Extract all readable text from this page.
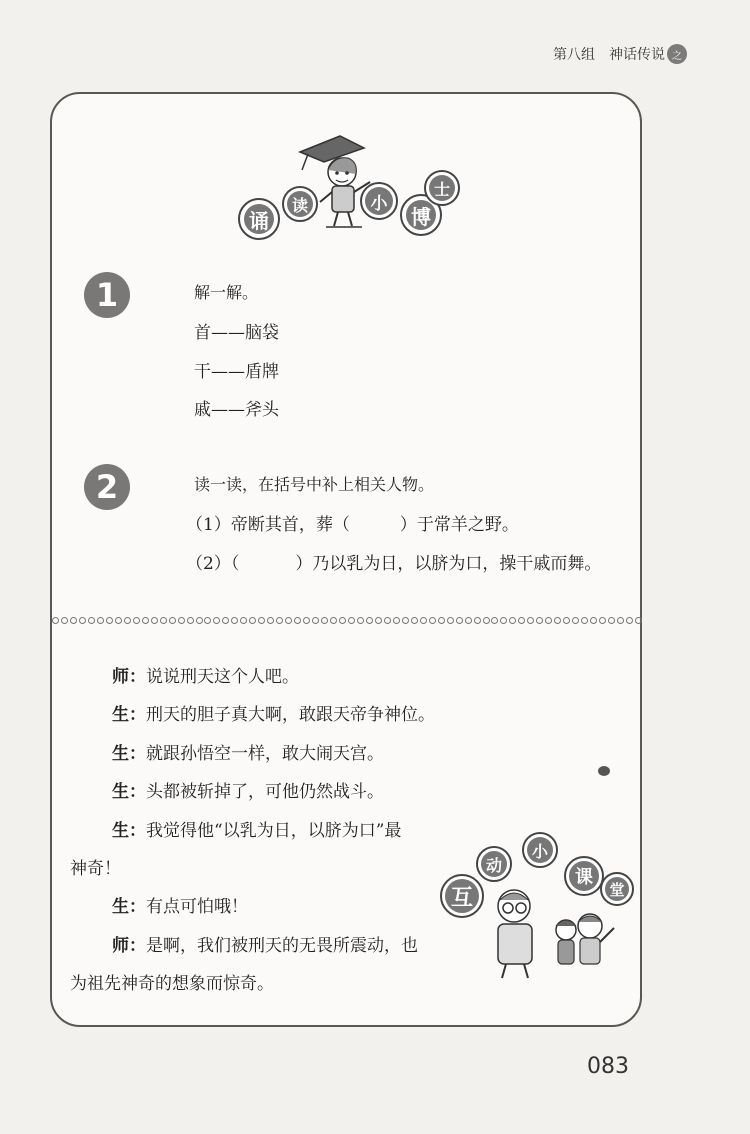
第八组 神话传说 之
诵
读	小
博
士
1	解一解。
首——脑袋
干——盾牌
戚——斧头
2	读一读，在括号中补上相关人物。
（1）帝断其首，葬（	）于常羊之野。
（2）（	）乃以乳为日，以脐为口，操干戚而舞。
师：说说刑天这个人吧。
生：刑天的胆子真大啊，敢跟天帝争神位。
生：就跟孙悟空一样，敢大闹天宫。
生：头都被斩掉了，可他仍然战斗。
生：我觉得他“以乳为日，以脐为口”最
神奇！
生：有点可怕哦！
师：是啊，我们被刑天的无畏所震动，也
为祖先神奇的想象而惊奇。
互
动
小
课
堂
083
